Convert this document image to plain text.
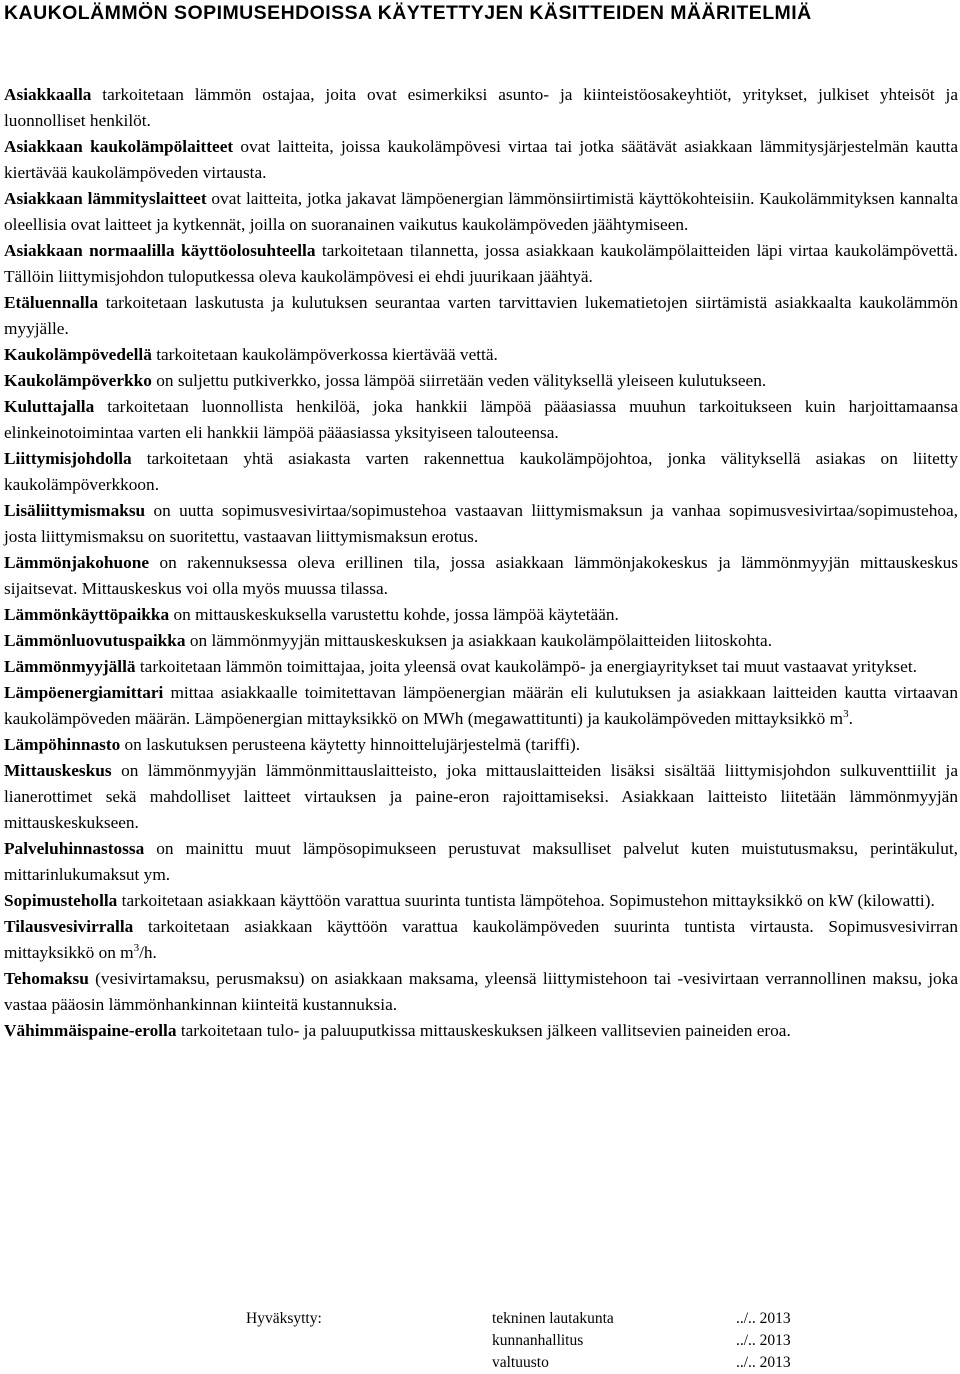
KAUKOLÄMMÖN SOPIMUSEHDOISSA KÄYTETTYJEN KÄSITTEIDEN MÄÄRITELMIÄ

Asiakkaalla tarkoitetaan lämmön ostajaa, joita ovat esimerkiksi asunto- ja kiinteistöosakeyhtiöt, yritykset, julkiset yhteisöt ja luonnolliset henkilöt.

Asiakkaan kaukolämpölaitteet ovat laitteita, joissa kaukolämpövesi virtaa tai jotka säätävät asiakkaan lämmitysjärjestelmän kautta kiertävää kaukolämpöveden virtausta.

Asiakkaan lämmityslaitteet ovat laitteita, jotka jakavat lämpöenergian lämmönsiirtimistä käyttökohteisiin. Kaukolämmityksen kannalta oleellisia ovat laitteet ja kytkennät, joilla on suoranainen vaikutus kaukolämpöveden jäähtymiseen.

Asiakkaan normaalilla käyttöolosuhteella tarkoitetaan tilannetta, jossa asiakkaan kaukolämpölaitteiden läpi virtaa kaukolämpövettä. Tällöin liittymisjohdon tuloputkessa oleva kaukolämpövesi ei ehdi juurikaan jäähtyä.

Etäluennalla tarkoitetaan laskutusta ja kulutuksen seurantaa varten tarvittavien lukematietojen siirtämistä asiakkaalta kaukolämmön myyjälle.

Kaukolämpövedellä tarkoitetaan kaukolämpöverkossa kiertävää vettä.

Kaukolämpöverkko on suljettu putkiverkko, jossa lämpöä siirretään veden välityksellä yleiseen kulutukseen.

Kuluttajalla tarkoitetaan luonnollista henkilöä, joka hankkii lämpöä pääasiassa muuhun tarkoitukseen kuin harjoittamaansa elinkeinotoimintaa varten eli hankkii lämpöä pääasiassa yksityiseen talouteensa.

Liittymisjohdolla tarkoitetaan yhtä asiakasta varten rakennettua kaukolämpöjohtoa, jonka välityksellä asiakas on liitetty kaukolämpöverkkoon.

Lisäliittymismaksu on uutta sopimusvesivirtaa/sopimustehoa vastaavan liittymismaksun ja vanhaa sopimusvesivirtaa/sopimustehoa, josta liittymismaksu on suoritettu, vastaavan liittymismaksun erotus.

Lämmönjakohuone on rakennuksessa oleva erillinen tila, jossa asiakkaan lämmönjakokeskus ja lämmönmyyjän mittauskeskus sijaitsevat. Mittauskeskus voi olla myös muussa tilassa.

Lämmönkäyttöpaikka on mittauskeskuksella varustettu kohde, jossa lämpöä käytetään.

Lämmönluovutuspaikka on lämmönmyyjän mittauskeskuksen ja asiakkaan kaukolämpölaitteiden liitoskohta.

Lämmönmyyjällä tarkoitetaan lämmön toimittajaa, joita yleensä ovat kaukolämpö- ja energiayritykset tai muut vastaavat yritykset.

Lämpöenergiamittari mittaa asiakkaalle toimitettavan lämpöenergian määrän eli kulutuksen ja asiakkaan laitteiden kautta virtaavan kaukolämpöveden määrän. Lämpöenergian mittayksikkö on MWh (megawattitunti) ja kaukolämpöveden mittayksikkö $m^3$.

Lämpöhinnasto on laskutuksen perusteena käytetty hinnoittelujärjestelmä (tariffi).

Mittauskeskus on lämmönmyyjän lämmönmittauslaitteisto, joka mittauslaitteiden lisäksi sisältää liittymisjohdon sulkuventtiilit ja lianerottimet sekä mahdolliset laitteet virtauksen ja paine-eron rajoittamiseksi. Asiakkaan laitteisto liitetään lämmönmyyjän mittauskeskukseen.

Palveluhinnastossa on mainittu muut lämpösopimukseen perustuvat maksulliset palvelut kuten muistutusmaksu, perintäkulut, mittarinlukumaksut ym.

Sopimusteholla tarkoitetaan asiakkaan käyttöön varattua suurinta tuntista lämpötehoa. Sopimustehon mittayksikkö on kW (kilowatti).

Tilausvesivirralla tarkoitetaan asiakkaan käyttöön varattua kaukolämpöveden suurinta tuntista virtausta. Sopimusvesivirran mittayksikkö on $m^3/h$.

Tehomaksu (vesivirtamaksu, perusmaksu) on asiakkaan maksama, yleensä liittymistehoon tai -vesivirtaan verrannollinen maksu, joka vastaa pääosin lämmönhankinnan kiinteitä kustannuksia.

Vähimmäispaine-erolla tarkoitetaan tulo- ja paluuputkissa mittauskeskuksen jälkeen vallitsevien paineiden eroa.

Hyväksytty:	tekninen lautakunta	../.. 2013
kunnanhallitus	../.. 2013
valtuusto	../.. 2013
